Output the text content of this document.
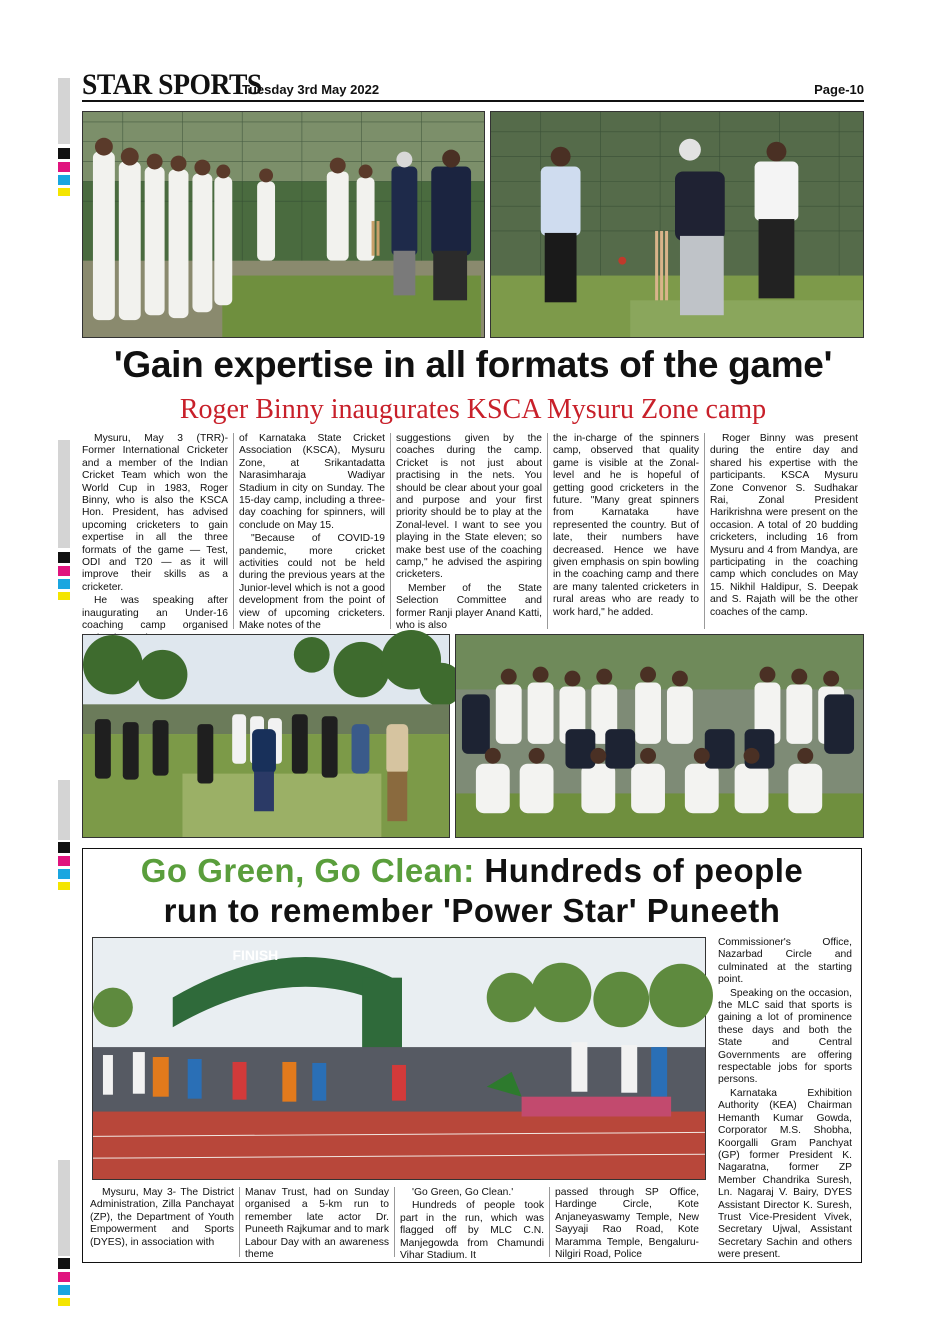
STAR SPORTS
Tuesday 3rd May 2022	Page-10
'Gain expertise in all formats of the game'
Roger Binny inaugurates KSCA Mysuru Zone camp

Mysuru, May 3 (TRR)- Former International Cricketer and a member of the Indian Cricket Team which won the World Cup in 1983, Roger Binny, who is also the KSCA Hon. President, has advised upcoming cricketers to gain expertise in all the three formats of the game — Test, ODI and T20 — as it will improve their skills as a cricketer.

He was speaking after inaugurating an Under-16 coaching camp organised

of Karnataka State Cricket Association (KSCA), Mysuru Zone, at Srikantadatta Narasimharaja Wadiyar Stadium in city on Sunday. The 15-day camp, including a three-day coaching for spinners, will conclude on May 15.

"Because of COVID-19 pandemic, more cricket activities could not be held during the previous years at the Junior-level which is not a good development from the point of view of upcoming cricketers. Make notes of the

suggestions given by the coaches during the camp. Cricket is not just about practising in the nets. You should be clear about your goal and purpose and your first priority should be to play at the Zonal-level. I want to see you playing in the State eleven; so make best use of the coaching camp," he advised the aspiring cricketers.

Member of the State Selection Committee and former Ranji player Anand Katti, who is also

the in-charge of the spinners camp, observed that quality game is visible at the Zonal-level and he is hopeful of getting good cricketers in the future. "Many great spinners from Karnataka have represented the country. But of late, their numbers have decreased. Hence we have given emphasis on spin bowling in the coaching camp and there are many talented cricketers in rural areas who are ready to work hard," he added.

Roger Binny was present during the entire day and shared his expertise with the participants. KSCA Mysuru Zone Convenor S. Sudhakar Rai, Zonal President Harikrishna were present on the occasion. A total of 20 budding cricketers, including 16 from Mysuru and 4 from Mandya, are participating in the coaching camp which concludes on May 15. Nikhil Haldipur, S. Deepak and S. Rajath will be the other coaches of the camp.

Go Green, Go Clean: Hundreds of people
run to remember 'Power Star' Puneeth
FINISH

Commissioner's Office, Nazarbad Circle and culminated at the starting point.

Speaking on the occasion, the MLC said that sports is gaining a lot of prominence these days and both the State and Central Governments are offering respectable jobs for sports persons.

Karnataka Exhibition Authority (KEA) Chairman Hemanth Kumar Gowda, Corporator M.S. Shobha, Koorgalli Gram Panchyat (GP) former President K. Nagaratna, former ZP Member Chandrika Suresh, Ln. Nagaraj V. Bairy, DYES Assistant Director K. Suresh, Trust Vice-President Vivek, Secretary Ujwal, Assistant Secretary Sachin and others were present.

Mysuru, May 3- The District Administration, Zilla Panchayat (ZP), the Department of Youth Empowerment and Sports (DYES), in association with

Manav Trust, had on Sunday organised a 5-km run to remember late actor Dr. Puneeth Rajkumar and to mark Labour Day with an awareness theme

'Go Green, Go Clean.'

Hundreds of people took part in the run, which was flagged off by MLC C.N. Manjegowda from Chamundi Vihar Stadium. It

passed through SP Office, Hardinge Circle, Kote Anjaneyaswamy Temple, New Sayyaji Rao Road, Kote Maramma Temple, Bengaluru-Nilgiri Road, Police
